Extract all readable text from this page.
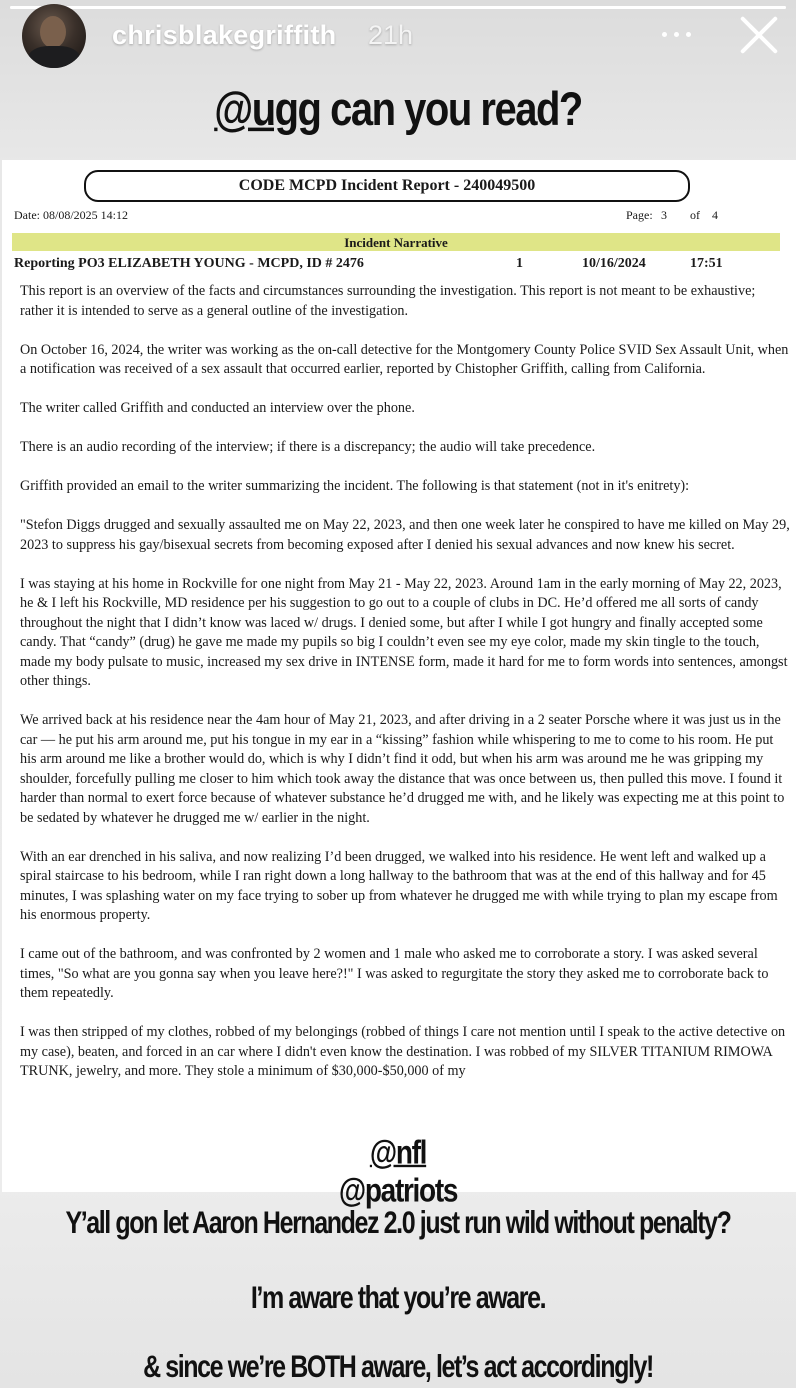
chrisblakegriffith 21h
@ugg can you read?
CODE MCPD Incident Report - 240049500
Date: 08/08/2025 14:12	Page: 3 of 4
Incident Narrative
Reporting PO3 ELIZABETH YOUNG - MCPD, ID # 2476	1	10/16/2024	17:51

This report is an overview of the facts and circumstances surrounding the investigation. This report is not meant to be exhaustive; rather it is intended to serve as a general outline of the investigation.

On October 16, 2024, the writer was working as the on-call detective for the Montgomery County Police SVID Sex Assault Unit, when a notification was received of a sex assault that occurred earlier, reported by Chistopher Griffith, calling from California.

The writer called Griffith and conducted an interview over the phone.

There is an audio recording of the interview; if there is a discrepancy; the audio will take precedence.

Griffith provided an email to the writer summarizing the incident. The following is that statement (not in it's enitrety):

"Stefon Diggs drugged and sexually assaulted me on May 22, 2023, and then one week later he conspired to have me killed on May 29, 2023 to suppress his gay/bisexual secrets from becoming exposed after I denied his sexual advances and now knew his secret.

I was staying at his home in Rockville for one night from May 21 - May 22, 2023. Around 1am in the early morning of May 22, 2023, he & I left his Rockville, MD residence per his suggestion to go out to a couple of clubs in DC. He’d offered me all sorts of candy throughout the night that I didn’t know was laced w/ drugs. I denied some, but after I while I got hungry and finally accepted some candy. That “candy” (drug) he gave me made my pupils so big I couldn’t even see my eye color, made my skin tingle to the touch, made my body pulsate to music, increased my sex drive in INTENSE form, made it hard for me to form words into sentences, amongst other things.

We arrived back at his residence near the 4am hour of May 21, 2023, and after driving in a 2 seater Porsche where it was just us in the car — he put his arm around me, put his tongue in my ear in a “kissing” fashion while whispering to me to come to his room. He put his arm around me like a brother would do, which is why I didn’t find it odd, but when his arm was around me he was gripping my shoulder, forcefully pulling me closer to him which took away the distance that was once between us, then pulled this move. I found it harder than normal to exert force because of whatever substance he’d drugged me with, and he likely was expecting me at this point to be sedated by whatever he drugged me w/ earlier in the night.

With an ear drenched in his saliva, and now realizing I’d been drugged, we walked into his residence. He went left and walked up a spiral staircase to his bedroom, while I ran right down a long hallway to the bathroom that was at the end of this hallway and for 45 minutes, I was splashing water on my face trying to sober up from whatever he drugged me with while trying to plan my escape from his enormous property.

I came out of the bathroom, and was confronted by 2 women and 1 male who asked me to corroborate a story. I was asked several times, "So what are you gonna say when you leave here?!" I was asked to regurgitate the story they asked me to corroborate back to them repeatedly.

I was then stripped of my clothes, robbed of my belongings (robbed of things I care not mention until I speak to the active detective on my case), beaten, and forced in an car where I didn't even know the destination. I was robbed of my SILVER TITANIUM RIMOWA TRUNK, jewelry, and more. They stole a minimum of $30,000-$50,000 of my

@nfl
@patriots
Y’all gon let Aaron Hernandez 2.0 just run wild without penalty?
I’m aware that you’re aware.
& since we’re BOTH aware, let’s act accordingly!
